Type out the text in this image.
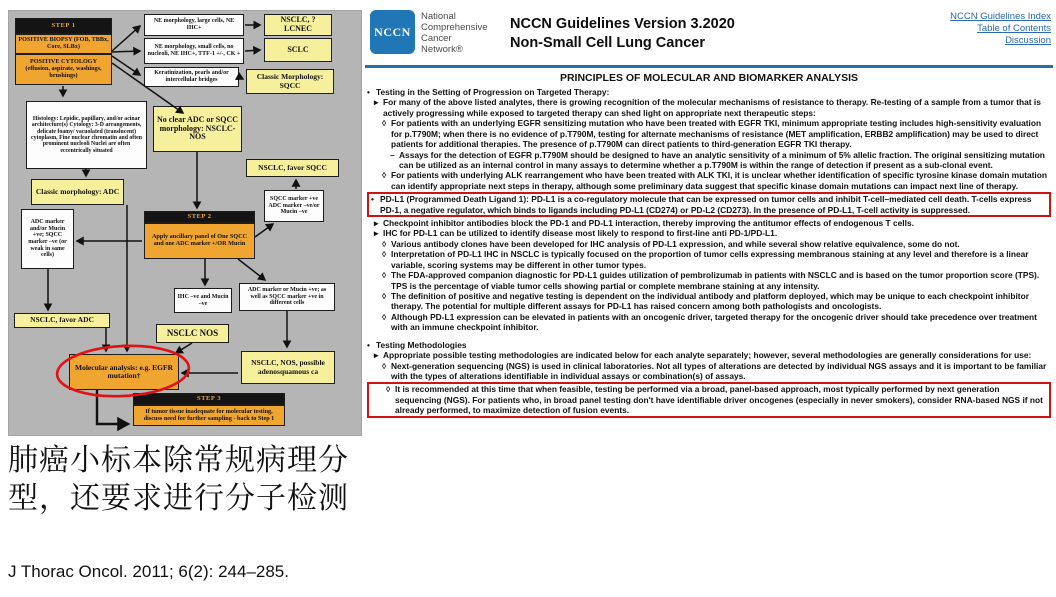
STEP 1
POSITIVE BIOPSY (FOB, TBBx, Core, SLBx)
POSITIVE CYTOLOGY (effusion, aspirate, washings, brushings)
NE morphology, large cells, NE IHC+
NSCLC, ?LCNEC
NE morphology, small cells, no nucleoli, NE IHC+, TTF-1 +/-, CK +
SCLC
Keratinization, pearls and/or intercellular bridges	Classic Morphology: SQCC
Histology: Lepidic, papillary, and/or acinar architecture(s) Cytology: 3-D arrangements, delicate foamy/ vacuolated (translucent) cytoplasm, Fine nuclear chromatin and often prominent nucleoli Nuclei are often eccentrically situated
No clear ADC or SQCC morphology: NSCLC-NOS
Classic morphology: ADC
ADC marker and/or Mucin +ve; SQCC marker –ve (or weak in same cells)
NSCLC, favor SQCC
SQCC marker +ve ADC marker –ve/or Mucin –ve
STEP 2
Apply ancillary panel of One SQCC and one ADC marker +/OR Mucin
IHC –ve and Mucin –ve
ADC marker or Mucin +ve; as well as SQCC marker +ve in different cells
NSCLC, favor ADC
NSCLC NOS
Molecular analysis: e.g. EGFR mutation†
NSCLC, NOS, possible adenosquamous ca
STEP 3
If tumor tissue inadequate for molecular testing, discuss need for further sampling - back to Step 1
肺癌小标本除常规病理分
型，还要求进行分子检测
J Thorac Oncol. 2011; 6(2): 244–285.
NCCN
National
Comprehensive
Cancer
Network®
NCCN Guidelines Version 3.2020
Non-Small Cell Lung Cancer
NCCN Guidelines Index
Table of Contents
Discussion
PRINCIPLES OF MOLECULAR AND BIOMARKER ANALYSIS
• Testing in the Setting of Progression on Targeted Therapy:
▸ For many of the above listed analytes, there is growing recognition of the molecular mechanisms of resistance to therapy. Re-testing of a sample from a tumor that is actively progressing while exposed to targeted therapy can shed light on appropriate next therapeutic steps:
◊ For patients with an underlying EGFR sensitizing mutation who have been treated with EGFR TKI, minimum appropriate testing includes high-sensitivity evaluation for p.T790M; when there is no evidence of p.T790M, testing for alternate mechanisms of resistance (MET amplification, ERBB2 amplification) may be used to direct patients for additional therapies. The presence of p.T790M can direct patients to third-generation EGFR TKI therapy.
– Assays for the detection of EGFR p.T790M should be designed to have an analytic sensitivity of a minimum of 5% allelic fraction. The original sensitizing mutation can be utilized as an internal control in many assays to determine whether a p.T790M is within the range of detection if present as a sub-clonal event.
◊ For patients with underlying ALK rearrangement who have been treated with ALK TKI, it is unclear whether identification of specific tyrosine kinase domain mutation can identify appropriate next steps in therapy, although some preliminary data suggest that specific kinase domain mutations can impact next line of therapy.
• PD-L1 (Programmed Death Ligand 1): PD-L1 is a co-regulatory molecule that can be expressed on tumor cells and inhibit T-cell–mediated cell death. T-cells express PD-1, a negative regulator, which binds to ligands including PD-L1 (CD274) or PD-L2 (CD273). In the presence of PD-L1, T-cell activity is suppressed.
▸ Checkpoint inhibitor antibodies block the PD-1 and PD-L1 interaction, thereby improving the antitumor effects of endogenous T cells.
▸ IHC for PD-L1 can be utilized to identify disease most likely to respond to first-line anti PD-1/PD-L1.
◊ Various antibody clones have been developed for IHC analysis of PD-L1 expression, and while several show relative equivalence, some do not.
◊ Interpretation of PD-L1 IHC in NSCLC is typically focused on the proportion of tumor cells expressing membranous staining at any level and therefore is a linear variable, scoring systems may be different in other tumor types.
◊ The FDA-approved companion diagnostic for PD-L1 guides utilization of pembrolizumab in patients with NSCLC and is based on the tumor proportion score (TPS). TPS is the percentage of viable tumor cells showing partial or complete membrane staining at any intensity.
◊ The definition of positive and negative testing is dependent on the individual antibody and platform deployed, which may be unique to each checkpoint inhibitor therapy. The potential for multiple different assays for PD-L1 has raised concern among both pathologists and oncologists.
◊ Although PD-L1 expression can be elevated in patients with an oncogenic driver, targeted therapy for the oncogenic driver should take precedence over treatment with an immune checkpoint inhibitor.
• Testing Methodologies
▸ Appropriate possible testing methodologies are indicated below for each analyte separately; however, several methodologies are generally considerations for use:
◊ Next-generation sequencing (NGS) is used in clinical laboratories. Not all types of alterations are detected by individual NGS assays and it is important to be familiar with the types of alterations identifiable in individual assays or combination(s) of assays.
◊ It is recommended at this time that when feasible, testing be performed via a broad, panel-based approach, most typically performed by next generation sequencing (NGS). For patients who, in broad panel testing don't have identifiable driver oncogenes (especially in never smokers), consider RNA-based NGS if not already performed, to maximize detection of fusion events.
